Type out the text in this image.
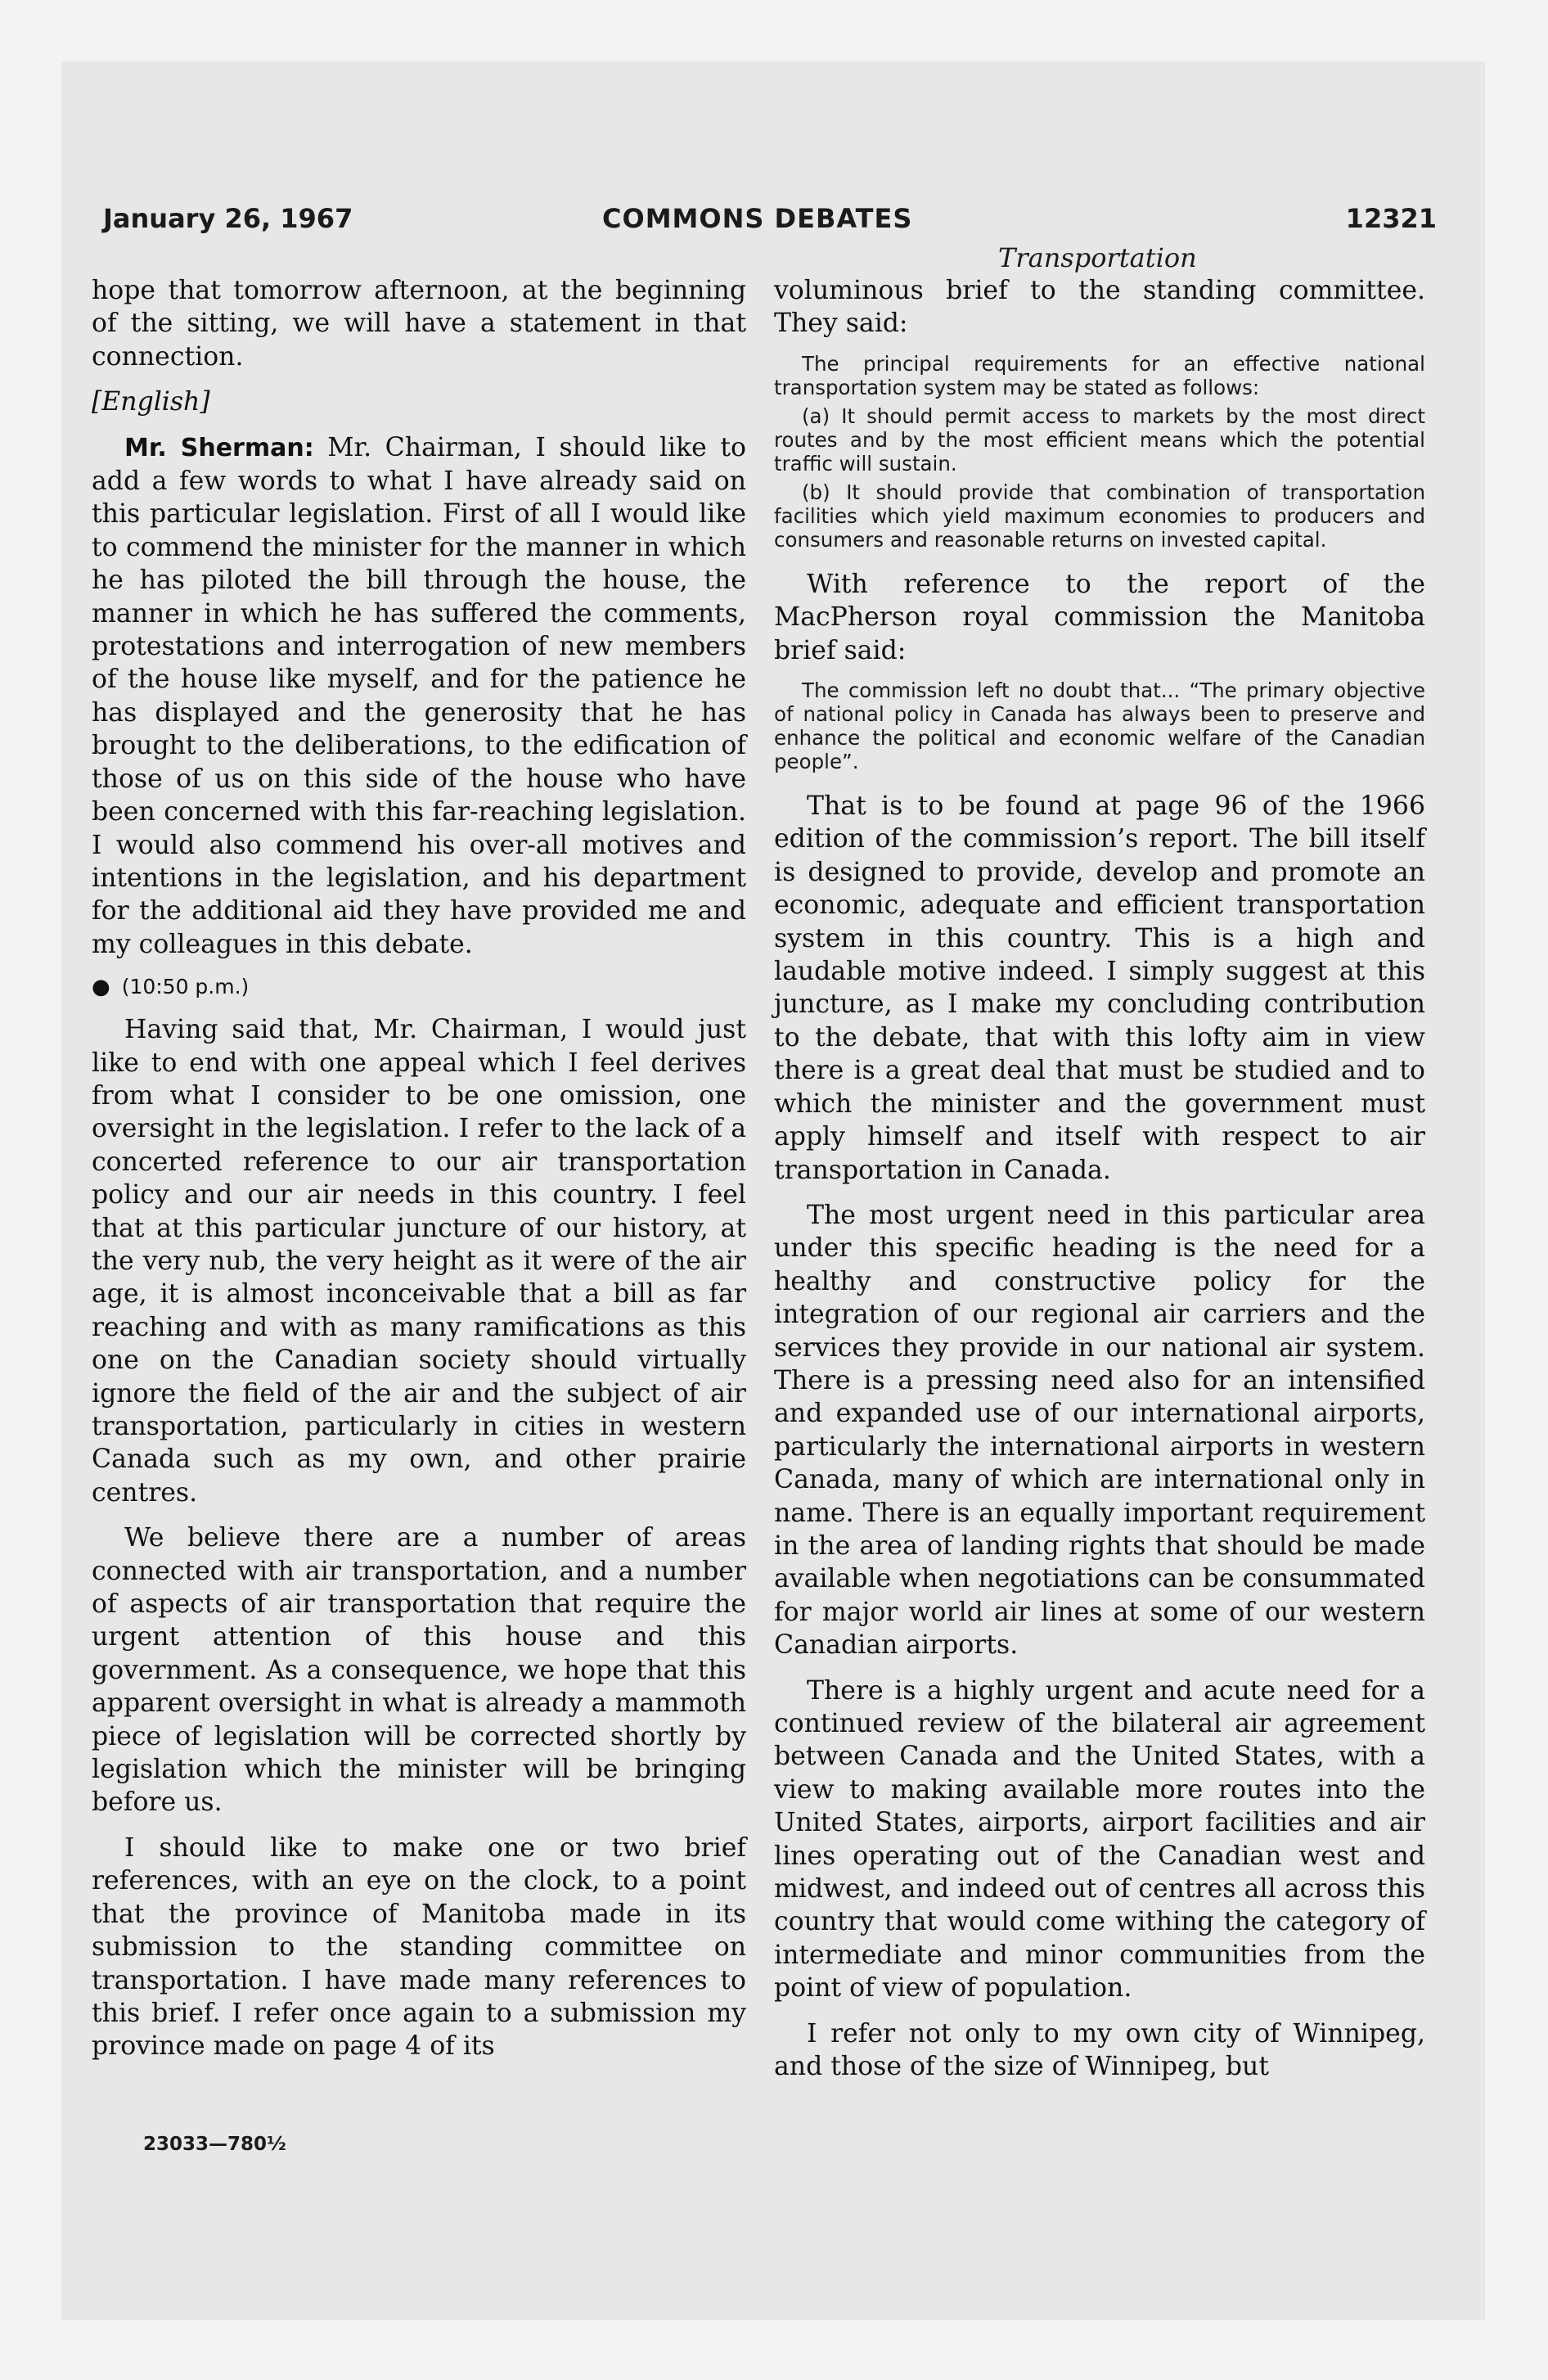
January 26, 1967	COMMONS DEBATES	12321
Transportation

hope that tomorrow afternoon, at the beginning of the sitting, we will have a statement in that connection.

[English]

Mr. Sherman: Mr. Chairman, I should like to add a few words to what I have already said on this particular legislation. First of all I would like to commend the minister for the manner in which he has piloted the bill through the house, the manner in which he has suffered the comments, protestations and interrogation of new members of the house like myself, and for the patience he has displayed and the generosity that he has brought to the deliberations, to the edification of those of us on this side of the house who have been concerned with this far-reaching legislation. I would also commend his over-all motives and intentions in the legislation, and his department for the additional aid they have provided me and my colleagues in this debate.

● (10:50 p.m.)

Having said that, Mr. Chairman, I would just like to end with one appeal which I feel derives from what I consider to be one omission, one oversight in the legislation. I refer to the lack of a concerted reference to our air transportation policy and our air needs in this country. I feel that at this particular juncture of our history, at the very nub, the very height as it were of the air age, it is almost inconceivable that a bill as far reaching and with as many ramifications as this one on the Canadian society should virtually ignore the field of the air and the subject of air transportation, particularly in cities in western Canada such as my own, and other prairie centres.

We believe there are a number of areas connected with air transportation, and a number of aspects of air transportation that require the urgent attention of this house and this government. As a consequence, we hope that this apparent oversight in what is already a mammoth piece of legislation will be corrected shortly by legislation which the minister will be bringing before us.

I should like to make one or two brief references, with an eye on the clock, to a point that the province of Manitoba made in its submission to the standing committee on transportation. I have made many references to this brief. I refer once again to a submission my province made on page 4 of its

voluminous brief to the standing committee. They said:

The principal requirements for an effective national transportation system may be stated as follows:

(a) It should permit access to markets by the most direct routes and by the most efficient means which the potential traffic will sustain.

(b) It should provide that combination of transportation facilities which yield maximum economies to producers and consumers and reasonable returns on invested capital.

With reference to the report of the MacPherson royal commission the Manitoba brief said:

The commission left no doubt that... “The primary objective of national policy in Canada has always been to preserve and enhance the political and economic welfare of the Canadian people”.

That is to be found at page 96 of the 1966 edition of the commission’s report. The bill itself is designed to provide, develop and promote an economic, adequate and efficient transportation system in this country. This is a high and laudable motive indeed. I simply suggest at this juncture, as I make my concluding contribution to the debate, that with this lofty aim in view there is a great deal that must be studied and to which the minister and the government must apply himself and itself with respect to air transportation in Canada.

The most urgent need in this particular area under this specific heading is the need for a healthy and constructive policy for the integration of our regional air carriers and the services they provide in our national air system. There is a pressing need also for an intensified and expanded use of our international airports, particularly the international airports in western Canada, many of which are international only in name. There is an equally important requirement in the area of landing rights that should be made available when negotiations can be consummated for major world air lines at some of our western Canadian airports.

There is a highly urgent and acute need for a continued review of the bilateral air agreement between Canada and the United States, with a view to making available more routes into the United States, airports, airport facilities and air lines operating out of the Canadian west and midwest, and indeed out of centres all across this country that would come withing the category of intermediate and minor communities from the point of view of population.

I refer not only to my own city of Winnipeg, and those of the size of Winnipeg, but

23033—780½
